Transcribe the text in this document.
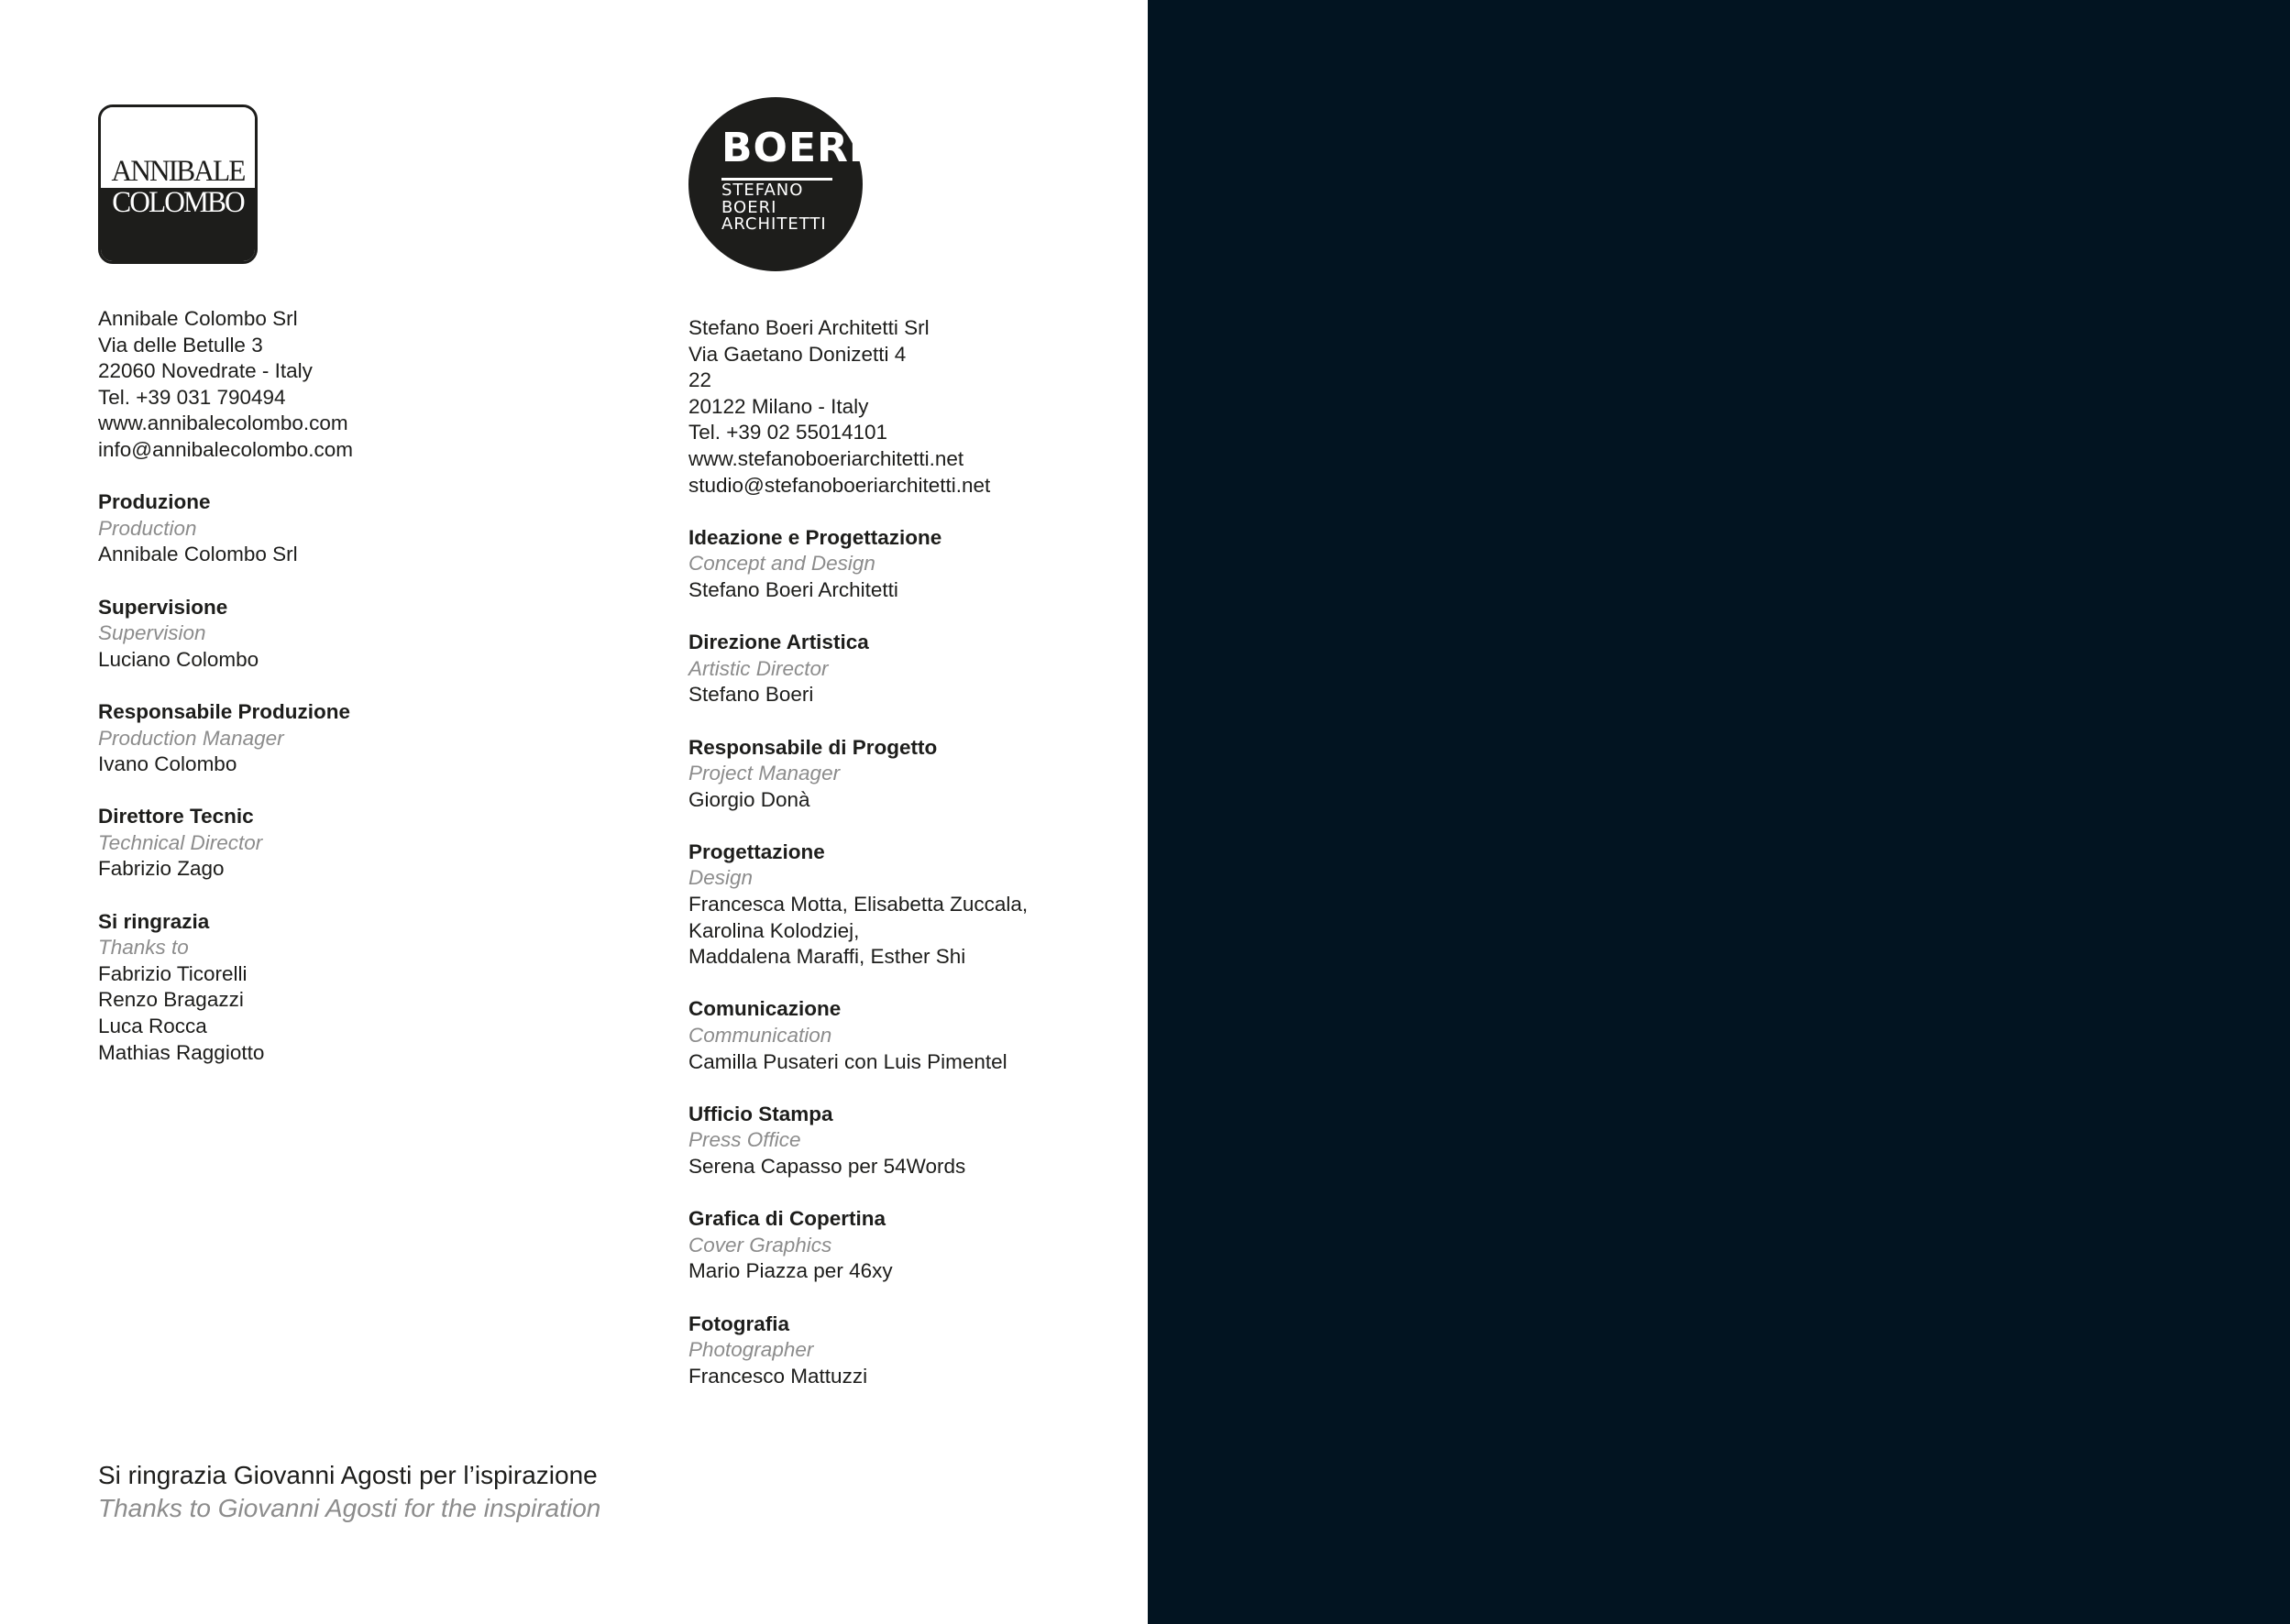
ANNIBALE
COLOMBO
Annibale Colombo Srl
Via delle Betulle 3
22060 Novedrate - Italy
Tel. +39 031 790494
www.annibalecolombo.com
info@annibalecolombo.com
Produzione
Production
Annibale Colombo Srl
Supervisione
Supervision
Luciano Colombo
Responsabile Produzione
Production Manager
Ivano Colombo
Direttore Tecnic
Technical Director
Fabrizio Zago
Si ringrazia
Thanks to
Fabrizio Ticorelli
Renzo Bragazzi
Luca Rocca
Mathias Raggiotto
BOERI
STEFANO
BOERI
ARCHITETTI
Stefano Boeri Architetti Srl
Via Gaetano Donizetti 4
22
20122 Milano - Italy
Tel. +39 02 55014101
www.stefanoboeriarchitetti.net
studio@stefanoboeriarchitetti.net
Ideazione e Progettazione
Concept and Design
Stefano Boeri Architetti
Direzione Artistica
Artistic Director
Stefano Boeri
Responsabile di Progetto
Project Manager
Giorgio Donà
Progettazione
Design
Francesca Motta, Elisabetta Zuccala,
Karolina Kolodziej,
Maddalena Maraffi, Esther Shi
Comunicazione
Communication
Camilla Pusateri con Luis Pimentel
Ufficio Stampa
Press Office
Serena Capasso per 54Words
Grafica di Copertina
Cover Graphics
Mario Piazza per 46xy
Fotografia
Photographer
Francesco Mattuzzi
Si ringrazia Giovanni Agosti per l’ispirazione
Thanks to Giovanni Agosti for the inspiration
